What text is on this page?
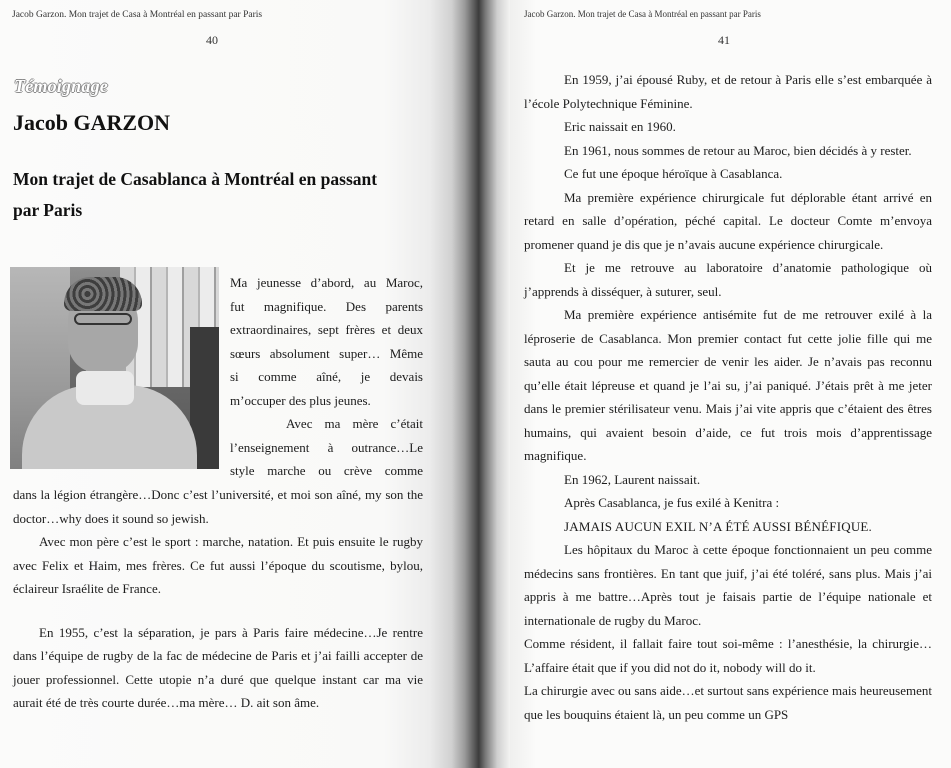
Jacob Garzon. Mon trajet de Casa à Montréal en passant par Paris
40
Témoignage
Jacob GARZON
Mon trajet de Casablanca à Montréal en passant
par Paris

Ma jeunesse d’abord, au Maroc,

fut magnifique. Des parents

extraordinaires, sept frères et deux

sœurs absolument super… Même

si comme aîné, je devais

m’occuper des plus jeunes.

Avec ma mère c’était

l’enseignement à outrance…Le

style marche ou crève comme

dans la légion étrangère…Donc c’est l’université, et moi son aîné, my son the doctor…why does it sound so jewish.

Avec mon père c’est le sport : marche, natation. Et puis ensuite le rugby avec Felix et Haim, mes frères. Ce fut aussi l’époque du scoutisme, bylou, éclaireur Israélite de France.

En 1955, c’est la séparation, je pars à Paris faire médecine…Je rentre dans l’équipe de rugby de la fac de médecine de Paris et j’ai failli accepter de jouer professionnel. Cette utopie n’a duré que quelque instant car ma vie aurait été de très courte durée…ma mère… D. ait son âme.

Jacob Garzon. Mon trajet de Casa à Montréal en passant par Paris
41

En 1959, j’ai épousé Ruby, et de retour à Paris elle s’est embarquée à l’école Polytechnique Féminine.

Eric naissait en 1960.

En 1961, nous sommes de retour au Maroc, bien décidés à y rester.

Ce fut une époque héroïque à Casablanca.

Ma première expérience chirurgicale fut déplorable étant arrivé en retard en salle d’opération, péché capital. Le docteur Comte m’envoya promener quand je dis que je n’avais aucune expérience chirurgicale.

Et je me retrouve au laboratoire d’anatomie pathologique où j’apprends à disséquer, à suturer, seul.

Ma première expérience antisémite fut de me retrouver exilé à la léproserie de Casablanca. Mon premier contact fut cette jolie fille qui me sauta au cou pour me remercier de venir les aider. Je n’avais pas reconnu qu’elle était lépreuse et quand je l’ai su, j’ai paniqué. J’étais prêt à me jeter dans le premier stérilisateur venu. Mais j’ai vite appris que c’étaient des êtres humains, qui avaient besoin d’aide, ce fut trois mois d’apprentissage magnifique.

En 1962, Laurent naissait.

Après Casablanca, je fus exilé à Kenitra :

JAMAIS AUCUN EXIL N’A ÉTÉ AUSSI BÉNÉFIQUE.

Les hôpitaux du Maroc à cette époque fonctionnaient un peu comme médecins sans frontières. En tant que juif, j’ai été toléré, sans plus. Mais j’ai appris à me battre…Après tout je faisais partie de l’équipe nationale et internationale de rugby du Maroc.

Comme résident, il fallait faire tout soi-même : l’anesthésie, la chirurgie… L’affaire était que if you did not do it, nobody will do it.

La chirurgie avec ou sans aide…et surtout sans expérience mais heureusement que les bouquins étaient là, un peu comme un GPS
